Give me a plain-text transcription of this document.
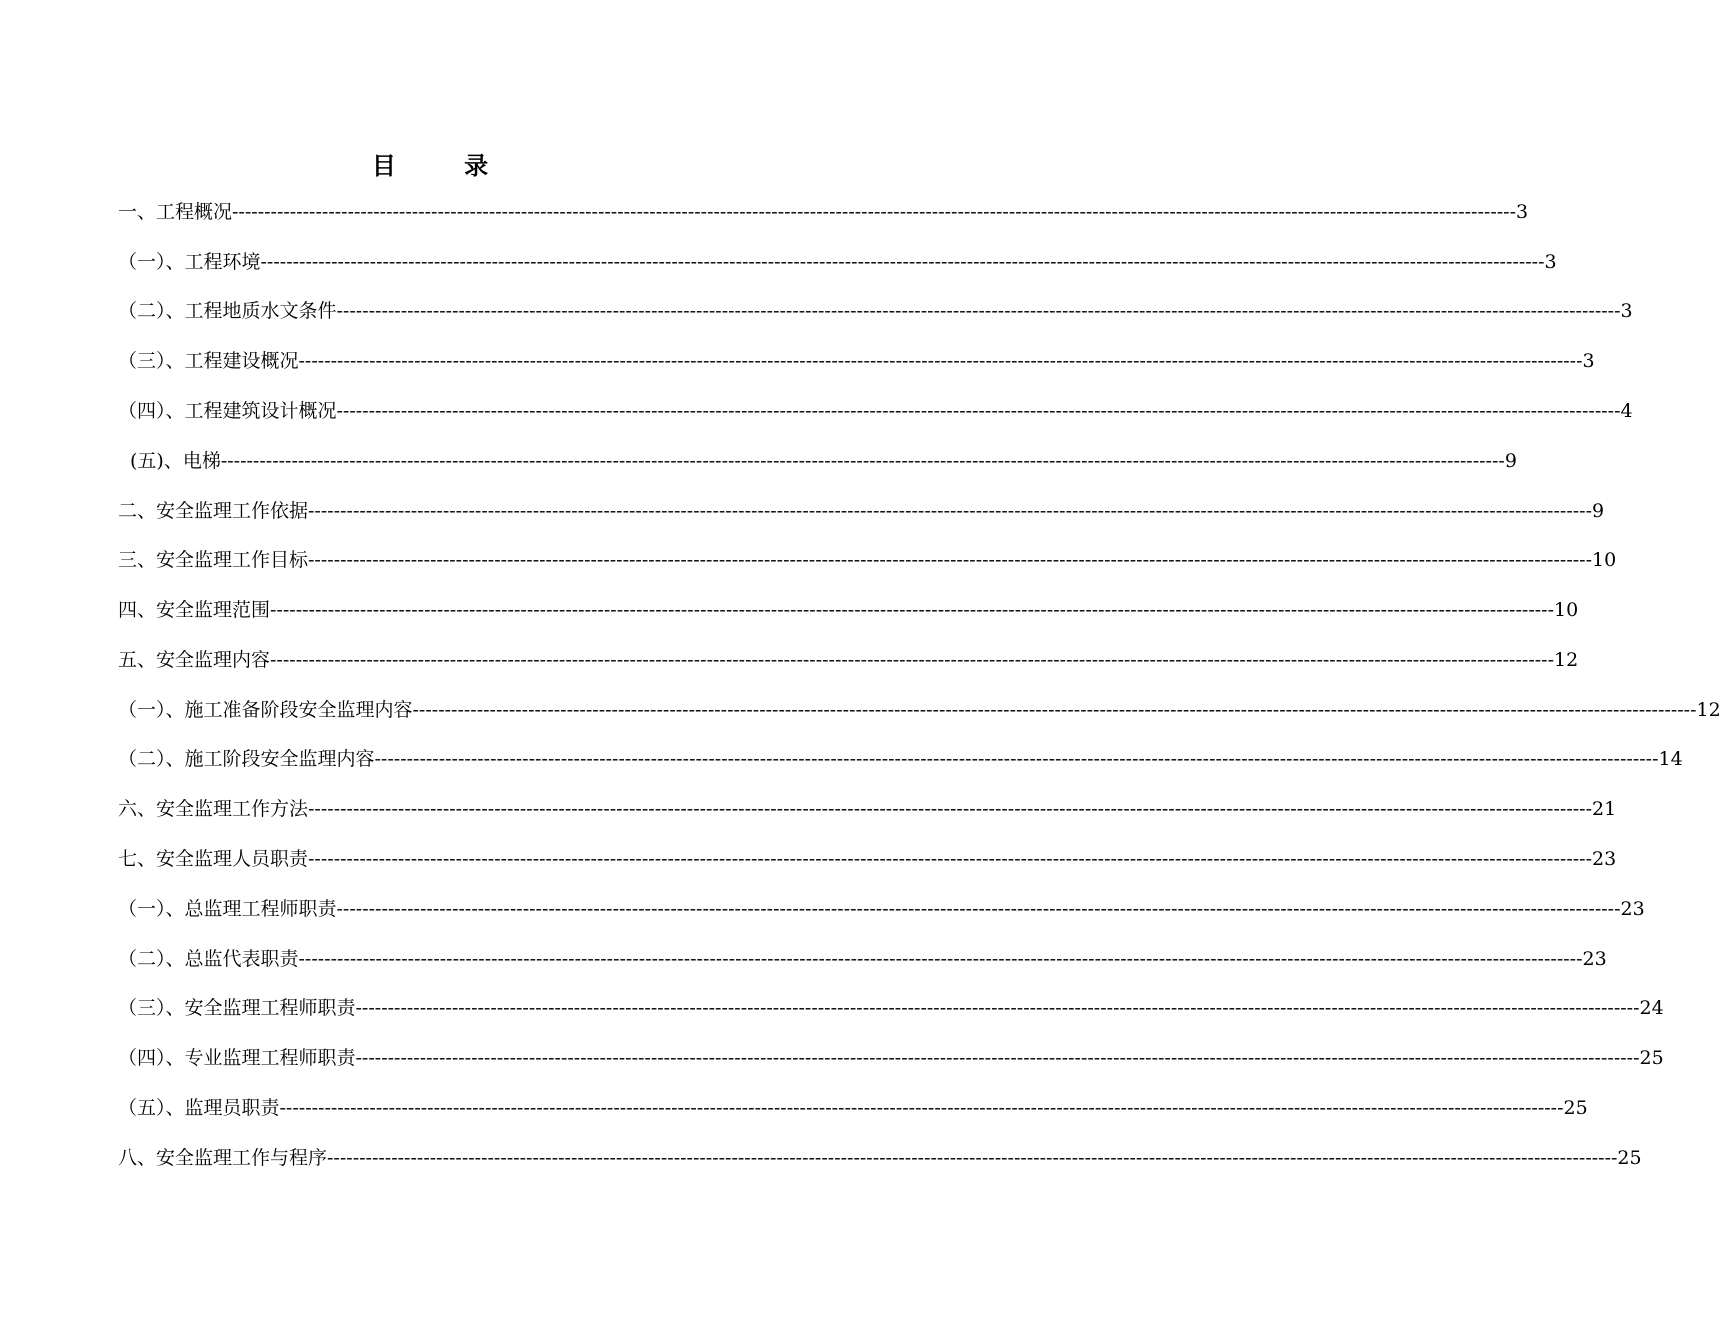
目 录
一、工程概况 -------------------------------------------------------------------------------------------------------------------------------------------------------------------------------------------------------- 3
（一）、工程环境 -------------------------------------------------------------------------------------------------------------------------------------------------------------------------------------------------------- 3
（二）、工程地质水文条件 -------------------------------------------------------------------------------------------------------------------------------------------------------------------------------------------------------- 3
（三）、工程建设概况 -------------------------------------------------------------------------------------------------------------------------------------------------------------------------------------------------------- 3
（四）、工程建筑设计概况 -------------------------------------------------------------------------------------------------------------------------------------------------------------------------------------------------------- 4
(五)、电梯 -------------------------------------------------------------------------------------------------------------------------------------------------------------------------------------------------------- 9
二、安全监理工作依据 -------------------------------------------------------------------------------------------------------------------------------------------------------------------------------------------------------- 9
三、安全监理工作目标 -------------------------------------------------------------------------------------------------------------------------------------------------------------------------------------------------------- 10
四、安全监理范围 -------------------------------------------------------------------------------------------------------------------------------------------------------------------------------------------------------- 10
五、安全监理内容 -------------------------------------------------------------------------------------------------------------------------------------------------------------------------------------------------------- 12
（一）、施工准备阶段安全监理内容 -------------------------------------------------------------------------------------------------------------------------------------------------------------------------------------------------------- 12
（二）、施工阶段安全监理内容 -------------------------------------------------------------------------------------------------------------------------------------------------------------------------------------------------------- 14
六、安全监理工作方法 -------------------------------------------------------------------------------------------------------------------------------------------------------------------------------------------------------- 21
七、安全监理人员职责 -------------------------------------------------------------------------------------------------------------------------------------------------------------------------------------------------------- 23
（一）、总监理工程师职责 -------------------------------------------------------------------------------------------------------------------------------------------------------------------------------------------------------- 23
（二）、总监代表职责 -------------------------------------------------------------------------------------------------------------------------------------------------------------------------------------------------------- 23
（三）、安全监理工程师职责 -------------------------------------------------------------------------------------------------------------------------------------------------------------------------------------------------------- 24
（四）、专业监理工程师职责 -------------------------------------------------------------------------------------------------------------------------------------------------------------------------------------------------------- 25
（五）、监理员职责 -------------------------------------------------------------------------------------------------------------------------------------------------------------------------------------------------------- 25
八、安全监理工作与程序 -------------------------------------------------------------------------------------------------------------------------------------------------------------------------------------------------------- -25
